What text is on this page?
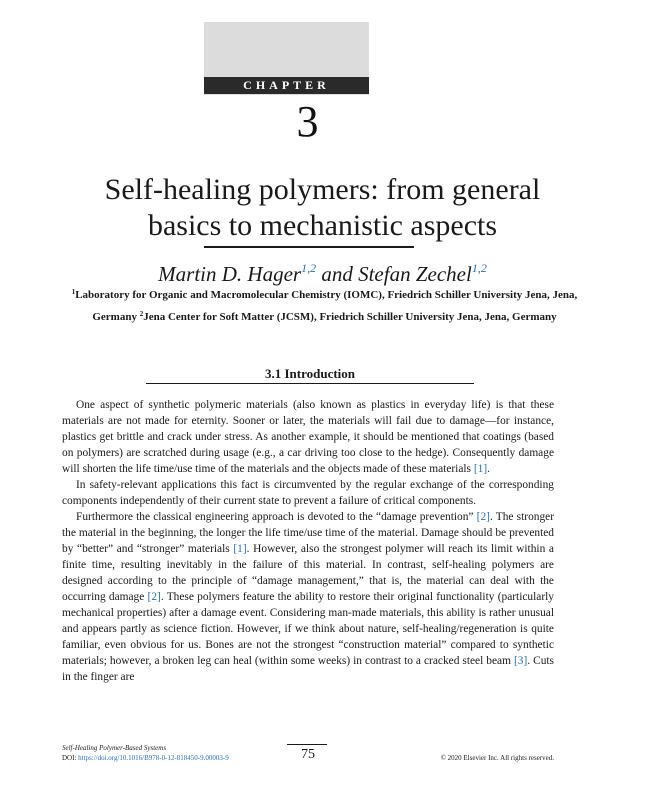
CHAPTER
3
Self-healing polymers: from general
basics to mechanistic aspects
Martin D. Hager$^{1,2}$ and Stefan Zechel$^{1,2}$
$^1$Laboratory for Organic and Macromolecular Chemistry (IOMC), Friedrich Schiller University Jena, Jena, Germany $^2$Jena Center for Soft Matter (JCSM), Friedrich Schiller University Jena, Jena, Germany
3.1 Introduction

One aspect of synthetic polymeric materials (also known as plastics in everyday life) is that these materials are not made for eternity. Sooner or later, the materials will fail due to damage—for instance, plastics get brittle and crack under stress. As another example, it should be mentioned that coatings (based on polymers) are scratched during usage (e.g., a car driving too close to the hedge). Consequently damage will shorten the life time/use time of the materials and the objects made of these materials [1].

In safety-relevant applications this fact is circumvented by the regular exchange of the corresponding components independently of their current state to prevent a failure of critical components.

Furthermore the classical engineering approach is devoted to the “damage prevention” [2]. The stronger the material in the beginning, the longer the life time/use time of the material. Damage should be prevented by “better” and “stronger” materials [1]. However, also the strongest polymer will reach its limit within a finite time, resulting inevitably in the failure of this material. In contrast, self-healing polymers are designed according to the principle of “damage management,” that is, the material can deal with the occurring damage [2]. These polymers feature the ability to restore their original functionality (particularly mechanical properties) after a damage event. Considering man-made materials, this ability is rather unusual and appears partly as science fiction. However, if we think about nature, self-healing/regeneration is quite familiar, even obvious for us. Bones are not the strongest “construction material” compared to synthetic materials; however, a broken leg can heal (within some weeks) in contrast to a cracked steel beam [3]. Cuts in the finger are

Self-Healing Polymer-Based Systems
DOI: https://doi.org/10.1016/B978-0-12-818450-9.00003-9	75	© 2020 Elsevier Inc. All rights reserved.
